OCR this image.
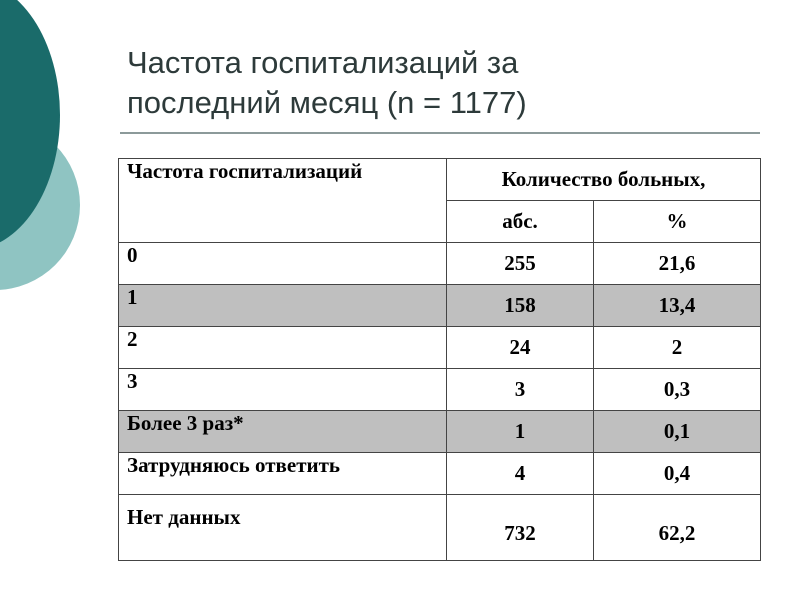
Частота госпитализаций за
последний месяц (n = 1177)
Частота госпитализаций	Количество больных,	
	абс.	%
0	255	21,6
1	158	13,4
2	24	2
3	3	0,3
Более 3 раз*	1	0,1
Затрудняюсь ответить	4	0,4
Нет данных	732	62,2
